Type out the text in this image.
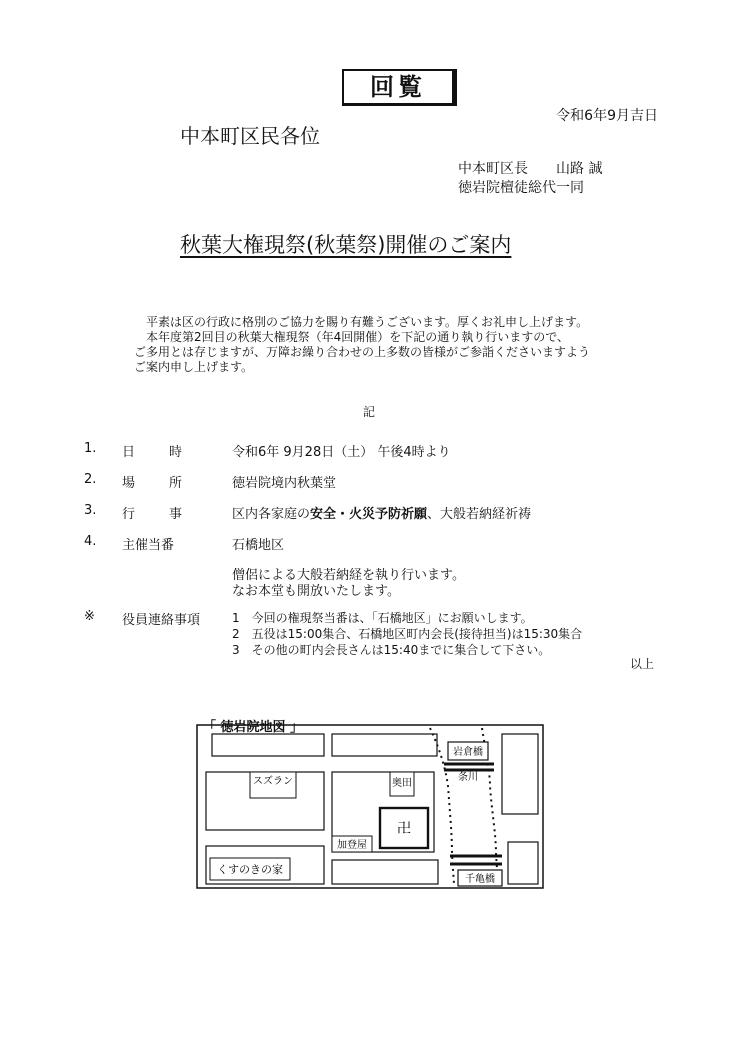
回覧
令和6年9月吉日
中本町区民各位
中本町区長　　山路 誠
徳岩院檀徒総代一同
秋葉大権現祭(秋葉祭)開催のご案内
平素は区の行政に格別のご協力を賜り有難うございます。厚くお礼申し上げます。
本年度第2回目の秋葉大権現祭（年4回開催）を下記の通り執り行いますので、
ご多用とは存じますが、万障お繰り合わせの上多数の皆様がご参詣くださいますよう
ご案内申し上げます。
記
1. 日	時	令和6年 9月28日（土） 午後4時より
2. 場	所	徳岩院境内秋葉堂
3. 行	事	区内各家庭の安全・火災予防祈願、大般若納経祈祷
4. 主催当番	石橋地区
僧侶による大般若納経を執り行います。
なお本堂も開放いたします。
※ 役員連絡事項	1　今回の権現祭当番は、「石橋地区」にお願いします。
2　五役は15:00集合、石橋地区町内会長(接待担当)は15:30集合
3　その他の町内会長さんは15:40までに集合して下さい。
以上
「 徳岩院地図 」
スズラン	奥田
加登屋
くすのきの家
卍
岩倉橋
条川
千亀橋
